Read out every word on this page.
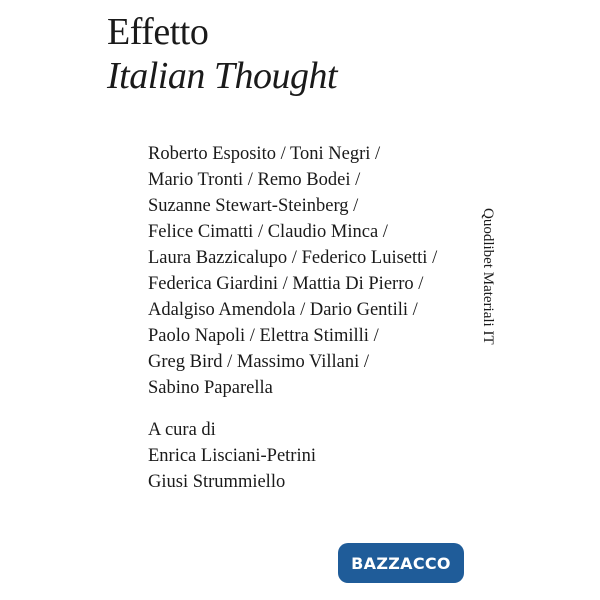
Effetto
Italian Thought
Roberto Esposito / Toni Negri /
Mario Tronti / Remo Bodei /
Suzanne Stewart-Steinberg /
Felice Cimatti / Claudio Minca /
Laura Bazzicalupo / Federico Luisetti /
Federica Giardini / Mattia Di Pierro /
Adalgiso Amendola / Dario Gentili /
Paolo Napoli / Elettra Stimilli /
Greg Bird / Massimo Villani /
Sabino Paparella
A cura di
Enrica Lisciani-Petrini
Giusi Strummiello
Quodlibet Materiali IT
BAZZACCO
